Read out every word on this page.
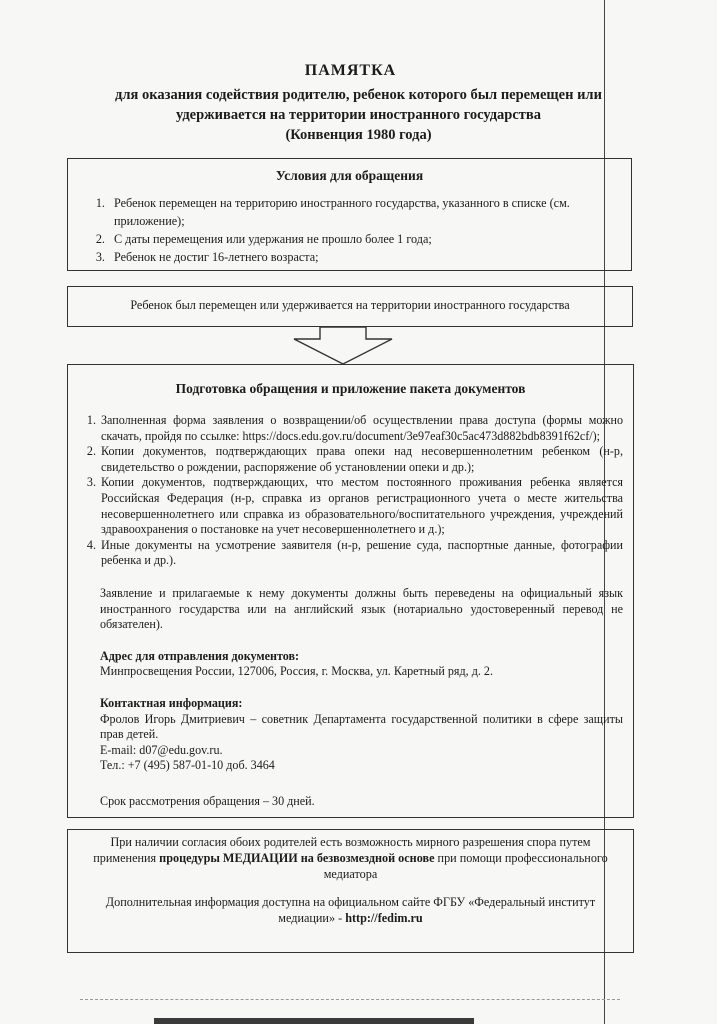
ПАМЯТКА
для оказания содействия родителю, ребенок которого был перемещен или
удерживается на территории иностранного государства
(Конвенция 1980 года)
Условия для обращения
1. Ребенок перемещен на территорию иностранного государства, указанного в списке (см. приложение);
2. С даты перемещения или удержания не прошло более 1 года;
3. Ребенок не достиг 16-летнего возраста;
Ребенок был перемещен или удерживается на территории иностранного государства
Подготовка обращения и приложение пакета документов
1. Заполненная форма заявления о возвращении/об осуществлении права доступа (формы можно скачать, пройдя по ссылке: https://docs.edu.gov.ru/document/3e97eaf30c5ac473d882bdb8391f62cf/);
2. Копии документов, подтверждающих права опеки над несовершеннолетним ребенком (н-р, свидетельство о рождении, распоряжение об установлении опеки и др.);
3. Копии документов, подтверждающих, что местом постоянного проживания ребенка является Российская Федерация (н-р, справка из органов регистрационного учета о месте жительства несовершеннолетнего или справка из образовательного/воспитательного учреждения, учреждений здравоохранения о постановке на учет несовершеннолетнего и д.);
4. Иные документы на усмотрение заявителя (н-р, решение суда, паспортные данные, фотографии ребенка и др.).
Заявление и прилагаемые к нему документы должны быть переведены на официальный язык иностранного государства или на английский язык (нотариально удостоверенный перевод не обязателен).
Адрес для отправления документов:
Минпросвещения России, 127006, Россия, г. Москва, ул. Каретный ряд, д. 2.
Контактная информация:
Фролов Игорь Дмитриевич – советник Департамента государственной политики в сфере защиты прав детей.
E-mail: d07@edu.gov.ru.
Тел.: +7 (495) 587-01-10 доб. 3464
Срок рассмотрения обращения – 30 дней.
При наличии согласия обоих родителей есть возможность мирного разрешения спора путем применения процедуры МЕДИАЦИИ на безвозмездной основе при помощи профессионального медиатора
Дополнительная информация доступна на официальном сайте ФГБУ «Федеральный институт медиации» - http://fedim.ru
